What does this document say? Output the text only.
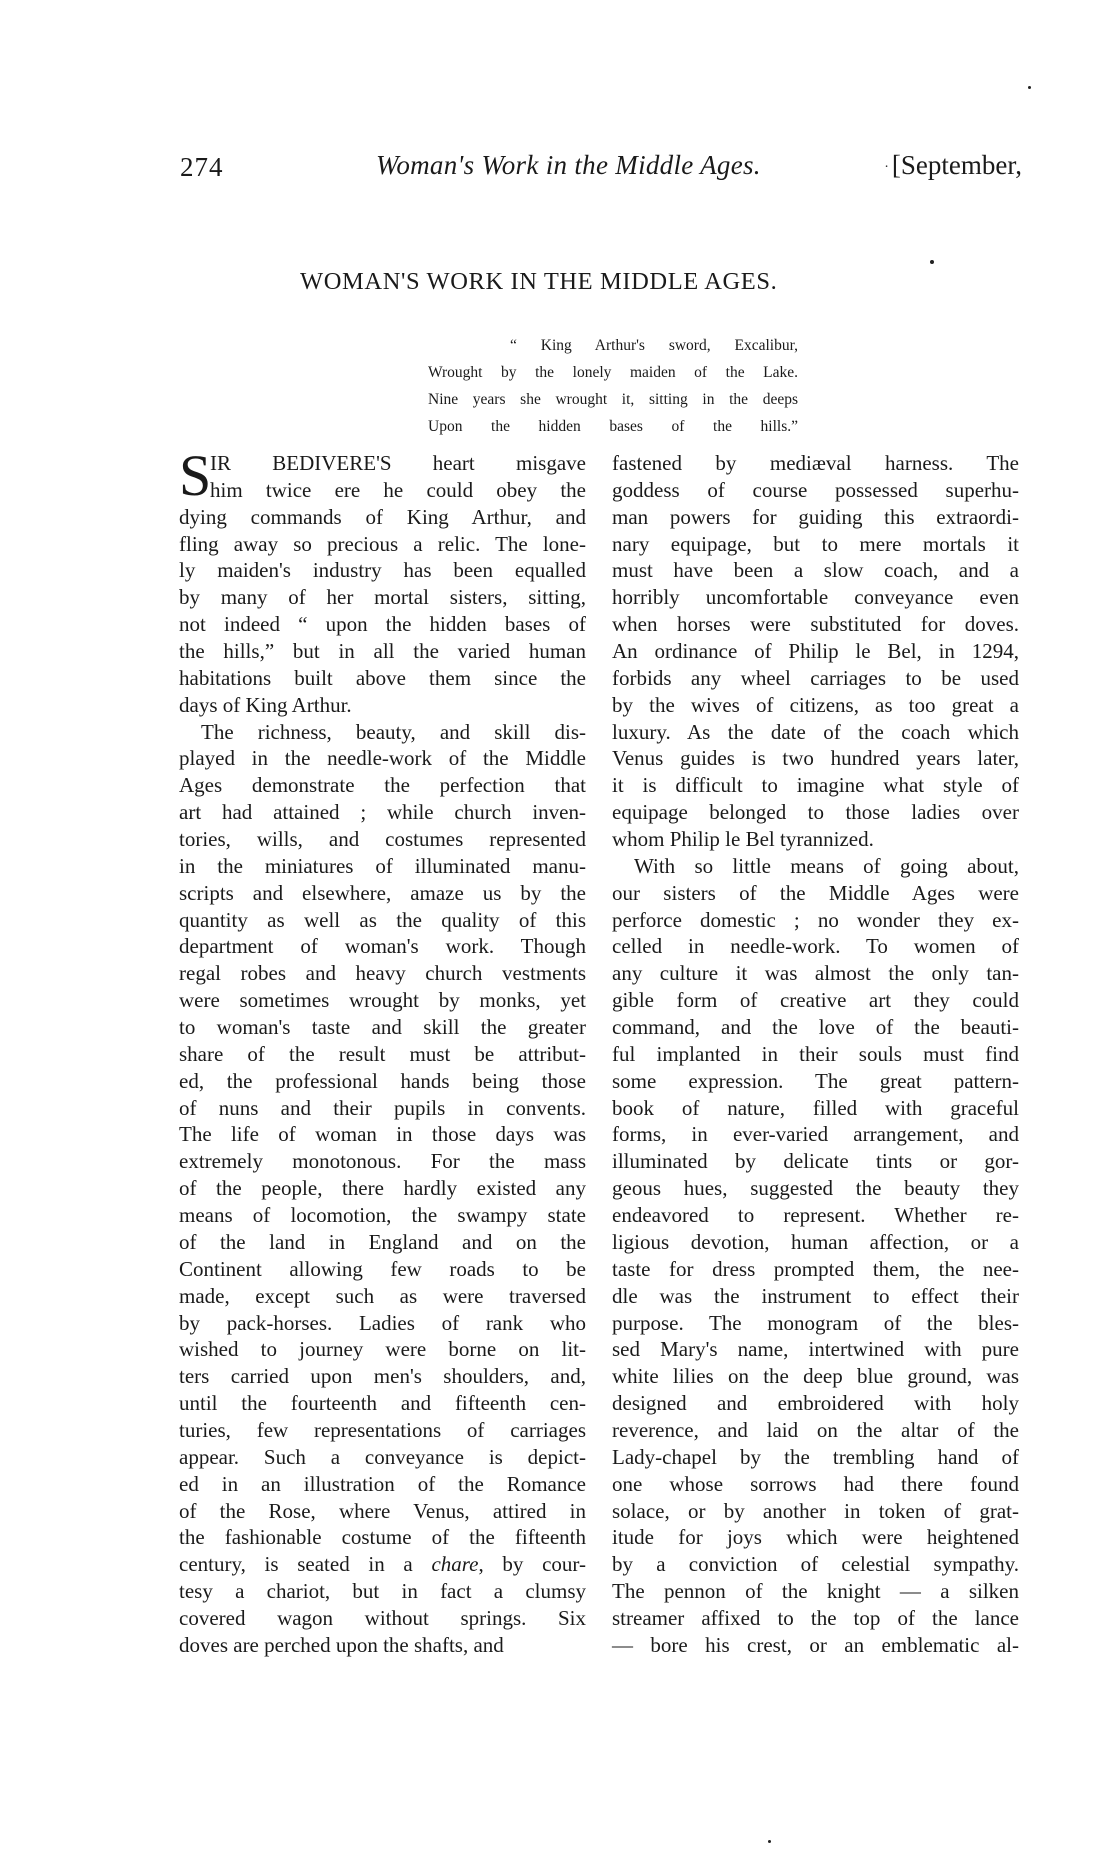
274	Woman's Work in the Middle Ages.	· [September,
WOMAN'S WORK IN THE MIDDLE AGES.
“ King Arthur's sword, Excalibur,
Wrought by the lonely maiden of the Lake.
Nine years she wrought it, sitting in the deeps
Upon the hidden bases of the hills.”
S
IR BEDIVERE'S heart misgave
him twice ere he could obey the
dying commands of King Arthur, and
fling away so precious a relic. The lone-
ly maiden's industry has been equalled
by many of her mortal sisters, sitting,
not indeed “ upon the hidden bases of
the hills,” but in all the varied human
habitations built above them since the
days of King Arthur.
The richness, beauty, and skill dis-
played in the needle-work of the Middle
Ages demonstrate the perfection that
art had attained ; while church inven-
tories, wills, and costumes represented
in the miniatures of illuminated manu-
scripts and elsewhere, amaze us by the
quantity as well as the quality of this
department of woman's work. Though
regal robes and heavy church vestments
were sometimes wrought by monks, yet
to woman's taste and skill the greater
share of the result must be attribut-
ed, the professional hands being those
of nuns and their pupils in convents.
The life of woman in those days was
extremely monotonous. For the mass
of the people, there hardly existed any
means of locomotion, the swampy state
of the land in England and on the
Continent allowing few roads to be
made, except such as were traversed
by pack-horses. Ladies of rank who
wished to journey were borne on lit-
ters carried upon men's shoulders, and,
until the fourteenth and fifteenth cen-
turies, few representations of carriages
appear. Such a conveyance is depict-
ed in an illustration of the Romance
of the Rose, where Venus, attired in
the fashionable costume of the fifteenth
century, is seated in a chare, by cour-
tesy a chariot, but in fact a clumsy
covered wagon without springs. Six
doves are perched upon the shafts, and
fastened by mediæval harness. The
goddess of course possessed superhu-
man powers for guiding this extraordi-
nary equipage, but to mere mortals it
must have been a slow coach, and a
horribly uncomfortable conveyance even
when horses were substituted for doves.
An ordinance of Philip le Bel, in 1294,
forbids any wheel carriages to be used
by the wives of citizens, as too great a
luxury. As the date of the coach which
Venus guides is two hundred years later,
it is difficult to imagine what style of
equipage belonged to those ladies over
whom Philip le Bel tyrannized.
With so little means of going about,
our sisters of the Middle Ages were
perforce domestic ; no wonder they ex-
celled in needle-work. To women of
any culture it was almost the only tan-
gible form of creative art they could
command, and the love of the beauti-
ful implanted in their souls must find
some expression. The great pattern-
book of nature, filled with graceful
forms, in ever-varied arrangement, and
illuminated by delicate tints or gor-
geous hues, suggested the beauty they
endeavored to represent. Whether re-
ligious devotion, human affection, or a
taste for dress prompted them, the nee-
dle was the instrument to effect their
purpose. The monogram of the bles-
sed Mary's name, intertwined with pure
white lilies on the deep blue ground, was
designed and embroidered with holy
reverence, and laid on the altar of the
Lady-chapel by the trembling hand of
one whose sorrows had there found
solace, or by another in token of grat-
itude for joys which were heightened
by a conviction of celestial sympathy.
The pennon of the knight — a silken
streamer affixed to the top of the lance
— bore his crest, or an emblematic al-
